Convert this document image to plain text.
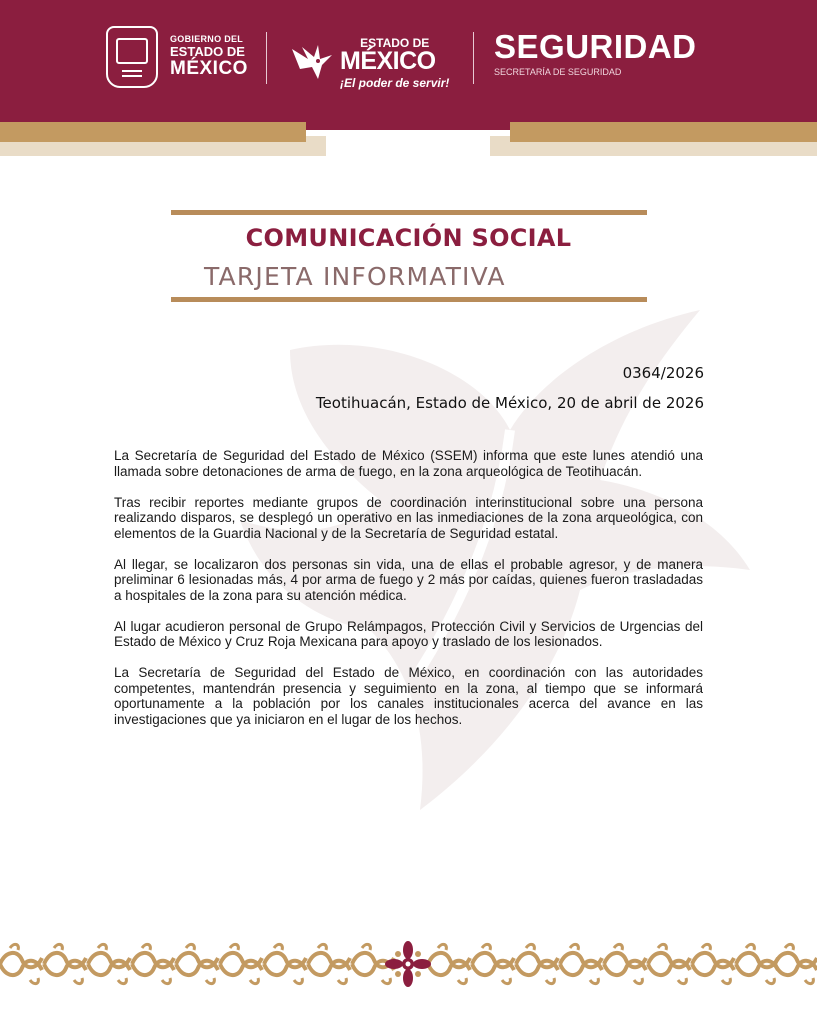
GOBIERNO DEL
ESTADO DE
MÉXICO
ESTADO DE
MÉXICO
¡El poder de servir!
SEGURIDAD
SECRETARÍA DE SEGURIDAD
COMUNICACIÓN SOCIAL
TARJETA INFORMATIVA
0364/2026
Teotihuacán, Estado de México, 20 de abril de 2026

La Secretaría de Seguridad del Estado de México (SSEM) informa que este lunes atendió una llamada sobre detonaciones de arma de fuego, en la zona arqueológica de Teotihuacán.

Tras recibir reportes mediante grupos de coordinación interinstitucional sobre una persona realizando disparos, se desplegó un operativo en las inmediaciones de la zona arqueológica, con elementos de la Guardia Nacional y de la Secretaría de Seguridad estatal.

Al llegar, se localizaron dos personas sin vida, una de ellas el probable agresor, y de manera preliminar 6 lesionadas más, 4 por arma de fuego y 2 más por caídas, quienes fueron trasladadas a hospitales de la zona para su atención médica.

Al lugar acudieron personal de Grupo Relámpagos, Protección Civil y Servicios de Urgencias del Estado de México y Cruz Roja Mexicana para apoyo y traslado de los lesionados.

La Secretaría de Seguridad del Estado de México, en coordinación con las autoridades competentes, mantendrán presencia y seguimiento en la zona, al tiempo que se informará oportunamente a la población por los canales institucionales acerca del avance en las investigaciones que ya iniciaron en el lugar de los hechos.
